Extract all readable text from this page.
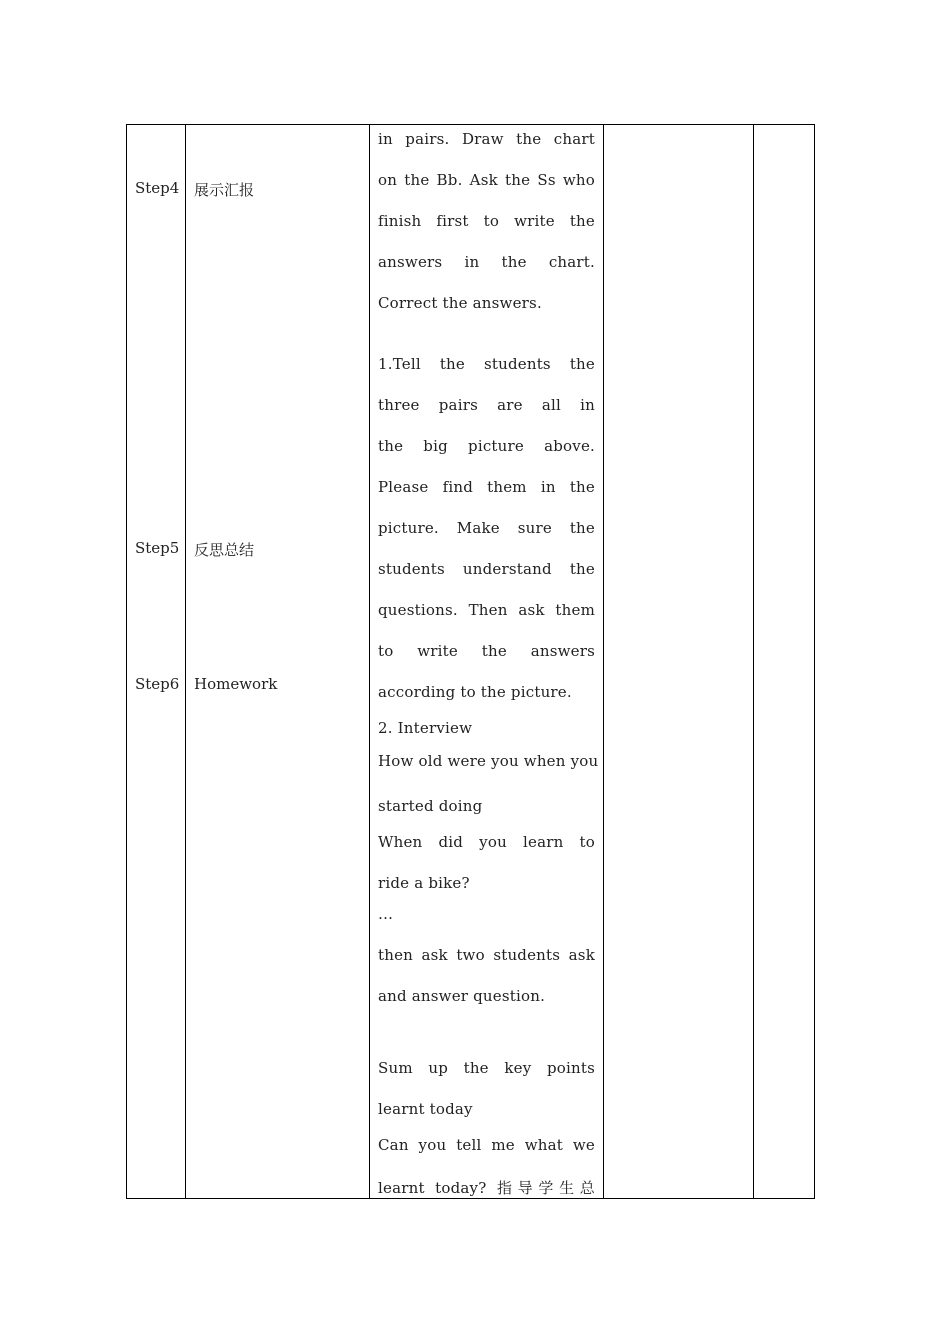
Step4 展示汇报
Step5 反思总结
Step6 Homework
in pairs. Draw the chart
on the Bb. Ask the Ss who
finish first to write the
answers in the chart.
Correct the answers.
1.Tell the students the
three pairs are all in
the big picture above.
Please find them in the
picture. Make sure the
students understand the
questions. Then ask them
to write the answers
according to the picture.
2. Interview
How old were you when you
started doing
When did you learn to
ride a bike?
…
then ask two students ask
and answer question.
Sum up the key points
learnt today
Can you tell me what we
learnt today? 指导学生总
